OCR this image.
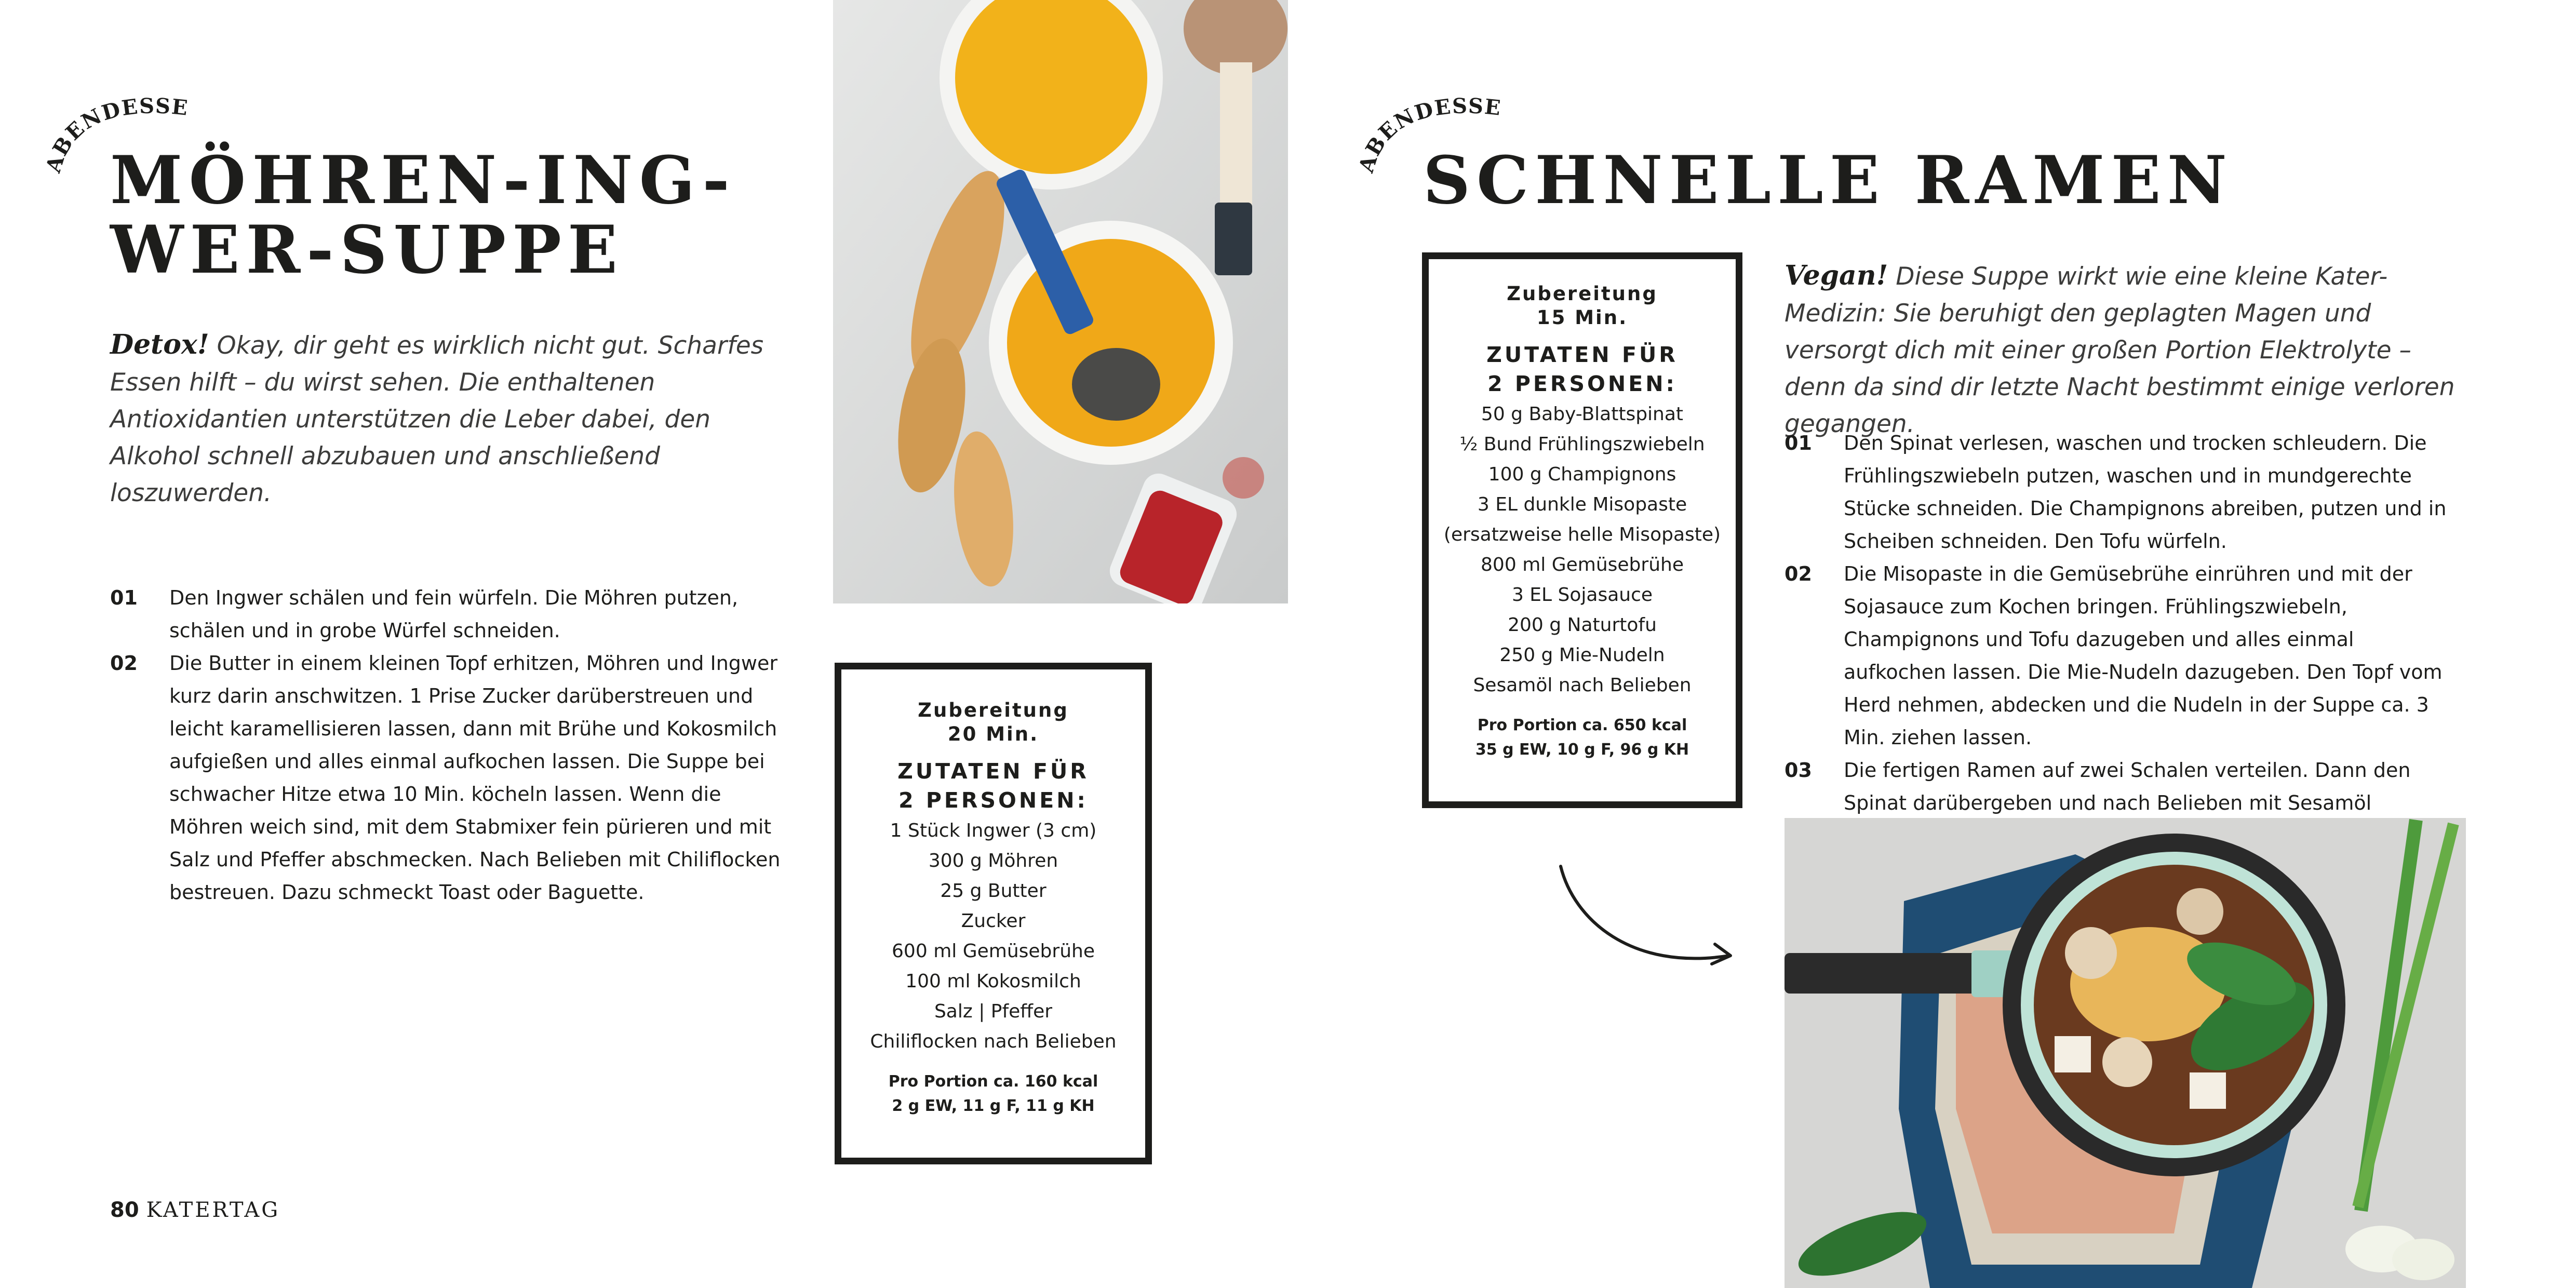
ABENDESSEN
MÖHREN-ING-
WER-SUPPE

Detox! Okay, dir geht es wirklich nicht gut. Scharfes Essen hilft – du wirst sehen. Die enthaltenen Antioxidantien unterstützen die Leber dabei, den Alkohol schnell abzubauen und anschließend loszuwerden.

01	Den Ingwer schälen und fein würfeln. Die Möhren putzen, schälen und in grobe Würfel schneiden.
02	Die Butter in einem kleinen Topf erhitzen, Möhren und Ingwer kurz darin anschwitzen. 1 Prise Zucker darüberstreuen und leicht karamellisieren lassen, dann mit Brühe und Kokosmilch aufgießen und alles einmal aufkochen lassen. Die Suppe bei schwacher Hitze etwa 10 Min. köcheln lassen. Wenn die Möhren weich sind, mit dem Stabmixer fein pürieren und mit Salz und Pfeffer abschmecken. Nach Belieben mit Chiliflocken bestreuen. Dazu schmeckt Toast oder Baguette.
Zubereitung
20 Min.
ZUTATEN FÜR
2 PERSONEN:
1 Stück Ingwer (3 cm)
300 g Möhren
25 g Butter
Zucker
600 ml Gemüsebrühe
100 ml Kokosmilch
Salz | Pfeffer
Chiliflocken nach Belieben
Pro Portion ca. 160 kcal
2 g EW, 11 g F, 11 g KH
80 KATERTAG
ABENDESSEN
SCHNELLE RAMEN
Zubereitung
15 Min.
ZUTATEN FÜR
2 PERSONEN:
50 g Baby-Blattspinat
½ Bund Frühlingszwiebeln
100 g Champignons
3 EL dunkle Misopaste (ersatzweise helle Misopaste)
800 ml Gemüsebrühe
3 EL Sojasauce
200 g Naturtofu
250 g Mie-Nudeln
Sesamöl nach Belieben
Pro Portion ca. 650 kcal
35 g EW, 10 g F, 96 g KH

Vegan! Diese Suppe wirkt wie eine kleine Kater-Medizin: Sie beruhigt den geplagten Magen und versorgt dich mit einer großen Portion Elektrolyte – denn da sind dir letzte Nacht bestimmt einige verloren gegangen.

01	Den Spinat verlesen, waschen und trocken schleudern. Die Frühlingszwiebeln putzen, waschen und in mundgerechte Stücke schneiden. Die Champignons abreiben, putzen und in Scheiben schneiden. Den Tofu würfeln.
02	Die Misopaste in die Gemüsebrühe einrühren und mit der Sojasauce zum Kochen bringen. Frühlingszwiebeln, Champignons und Tofu dazugeben und alles einmal aufkochen lassen. Die Mie-Nudeln dazugeben. Den Topf vom Herd nehmen, abdecken und die Nudeln in der Suppe ca. 3 Min. ziehen lassen.
03	Die fertigen Ramen auf zwei Schalen verteilen. Dann den Spinat darübergeben und nach Belieben mit Sesamöl
